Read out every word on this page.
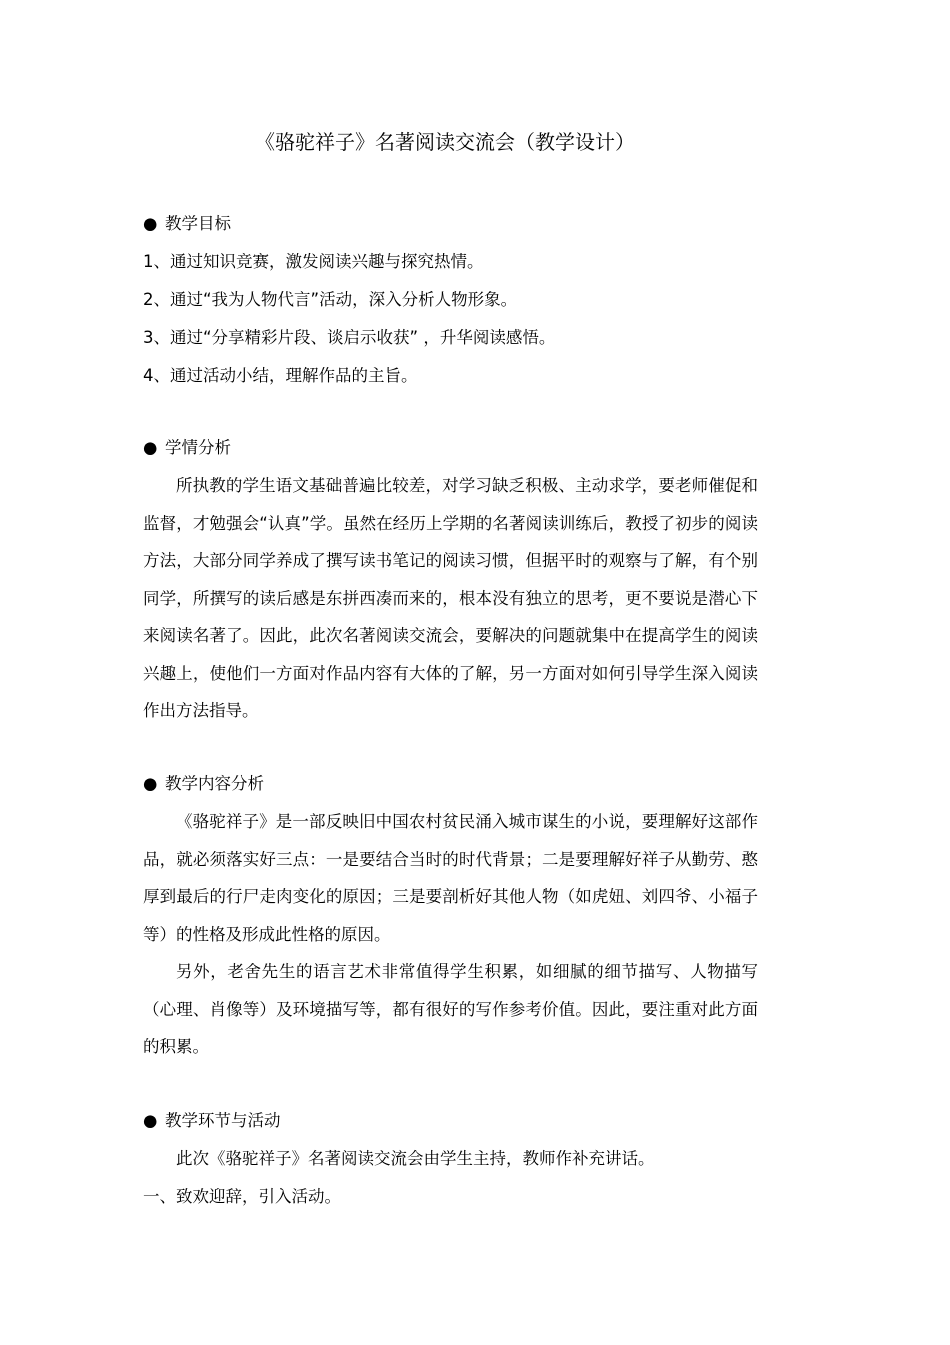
《骆驼祥子》名著阅读交流会（教学设计）
● 教学目标
1、通过知识竞赛，激发阅读兴趣与探究热情。
2、通过“我为人物代言”活动，深入分析人物形象。
3、通过“分享精彩片段、谈启示收获” ，升华阅读感悟。
4、通过活动小结，理解作品的主旨。
● 学情分析
所执教的学生语文基础普遍比较差，对学习缺乏积极、主动求学，要老师催促和监督，才勉强会“认真”学。虽然在经历上学期的名著阅读训练后，教授了初步的阅读方法，大部分同学养成了撰写读书笔记的阅读习惯，但据平时的观察与了解，有个别同学，所撰写的读后感是东拼西凑而来的，根本没有独立的思考，更不要说是潜心下来阅读名著了。因此，此次名著阅读交流会，要解决的问题就集中在提高学生的阅读兴趣上，使他们一方面对作品内容有大体的了解，另一方面对如何引导学生深入阅读作出方法指导。
● 教学内容分析
《骆驼祥子》是一部反映旧中国农村贫民涌入城市谋生的小说，要理解好这部作品，就必须落实好三点：一是要结合当时的时代背景；二是要理解好祥子从勤劳、憨厚到最后的行尸走肉变化的原因；三是要剖析好其他人物（如虎妞、刘四爷、小福子等）的性格及形成此性格的原因。
另外，老舍先生的语言艺术非常值得学生积累，如细腻的细节描写、人物描写（心理、肖像等）及环境描写等，都有很好的写作参考价值。因此，要注重对此方面的积累。
● 教学环节与活动
此次《骆驼祥子》名著阅读交流会由学生主持，教师作补充讲话。
一、致欢迎辞，引入活动。
